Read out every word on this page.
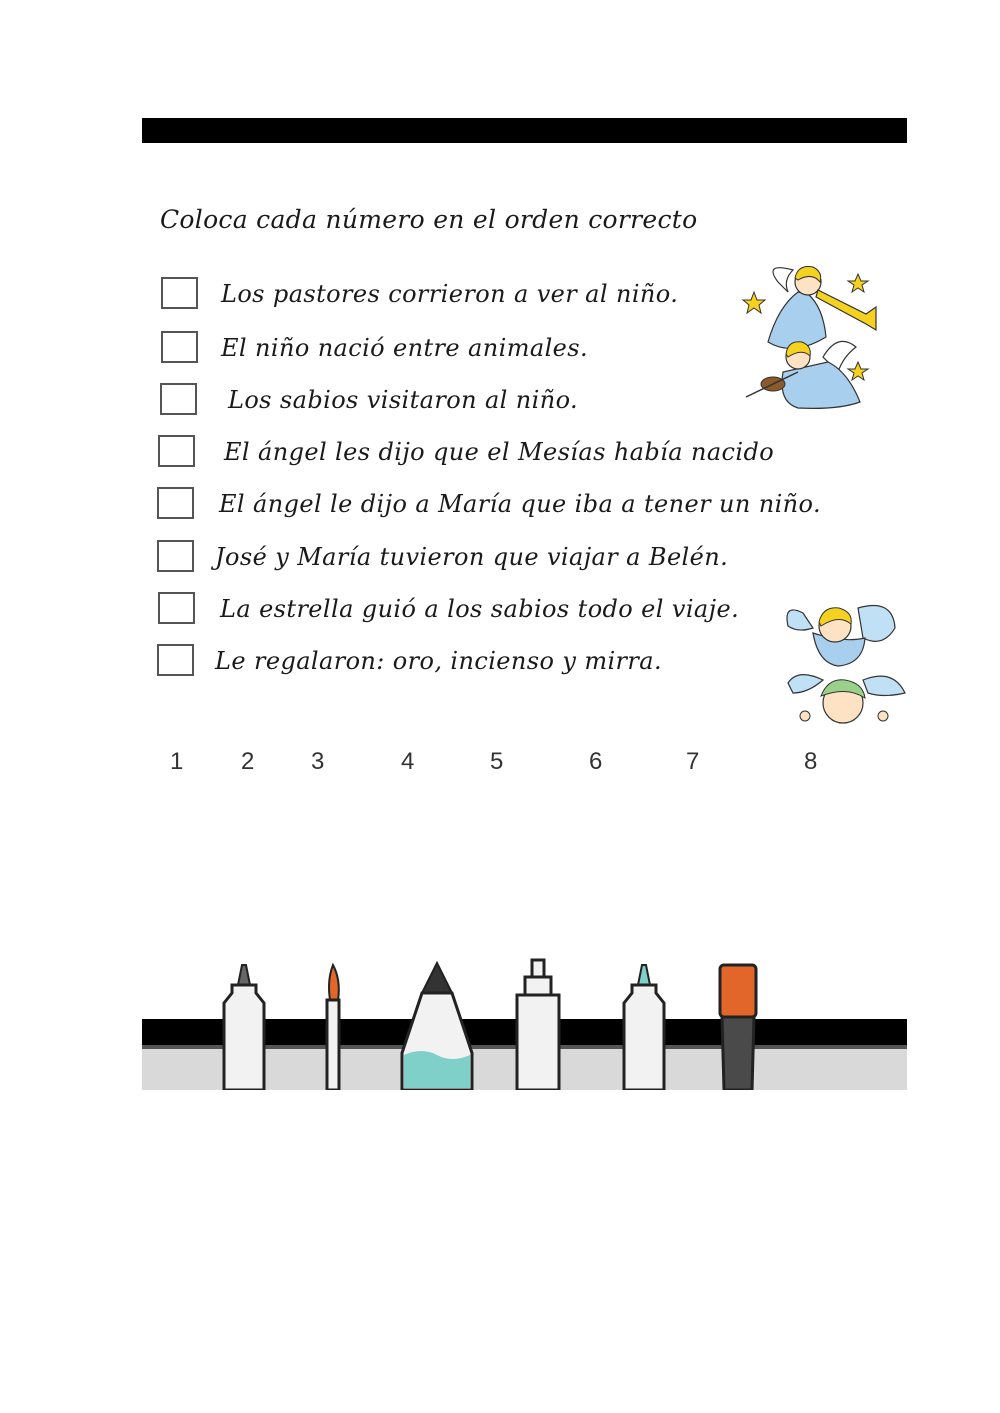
Coloca cada número en el orden correcto
Los pastores corrieron a ver al niño.
El niño nació entre animales.
Los sabios visitaron al niño.
El ángel les dijo que el Mesías había nacido
El ángel le dijo a María que iba a tener un niño.
José y María tuvieron que viajar a Belén.
La estrella guió a los sabios todo el viaje.
Le regalaron: oro, incienso y mirra.
1 2 3	4	5	6	7	8
